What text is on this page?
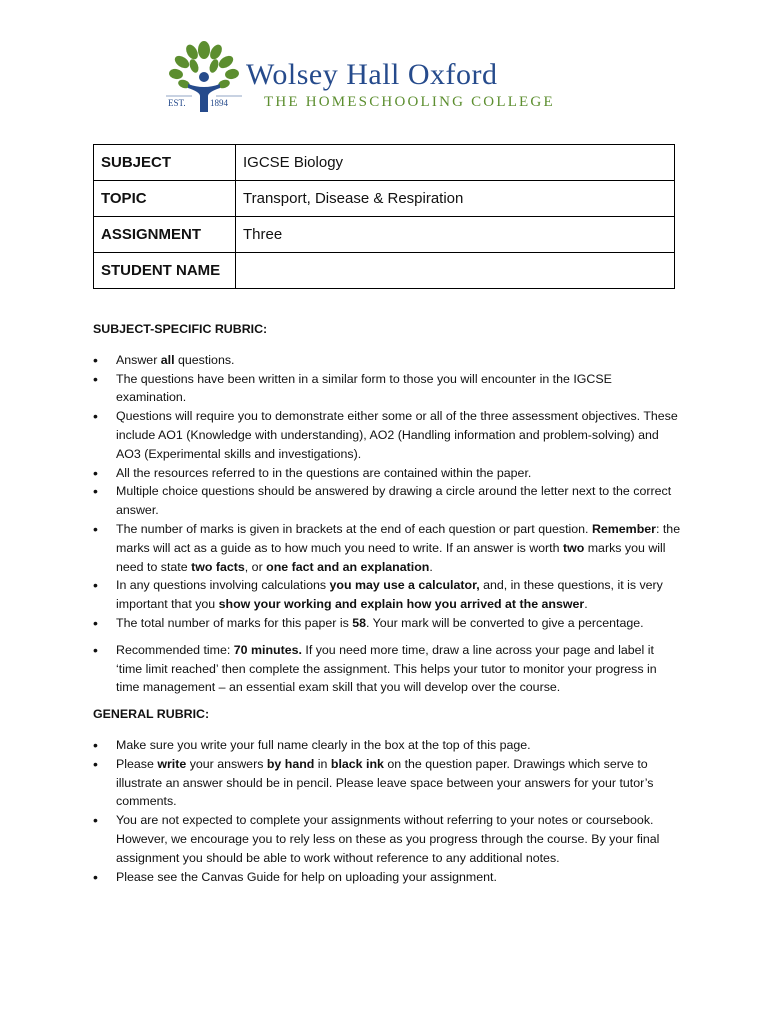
EST.	1894
Wolsey Hall Oxford
THE HOMESCHOOLING COLLEGE
SUBJECT	IGCSE Biology
TOPIC	Transport, Disease & Respiration
ASSIGNMENT	Three
STUDENT NAME	
SUBJECT-SPECIFIC RUBRIC:
• Answer all questions.
• The questions have been written in a similar form to those you will encounter in the IGCSE examination.
• Questions will require you to demonstrate either some or all of the three assessment objectives. These include AO1 (Knowledge with understanding), AO2 (Handling information and problem-solving) and AO3 (Experimental skills and investigations).
• All the resources referred to in the questions are contained within the paper.
• Multiple choice questions should be answered by drawing a circle around the letter next to the correct answer.
• The number of marks is given in brackets at the end of each question or part question. Remember: the marks will act as a guide as to how much you need to write. If an answer is worth two marks you will need to state two facts, or one fact and an explanation.
• In any questions involving calculations you may use a calculator, and, in these questions, it is very important that you show your working and explain how you arrived at the answer.
• The total number of marks for this paper is 58. Your mark will be converted to give a percentage.
• Recommended time: 70 minutes. If you need more time, draw a line across your page and label it ‘time limit reached’ then complete the assignment. This helps your tutor to monitor your progress in time management – an essential exam skill that you will develop over the course.
GENERAL RUBRIC:
• Make sure you write your full name clearly in the box at the top of this page.
• Please write your answers by hand in black ink on the question paper. Drawings which serve to illustrate an answer should be in pencil. Please leave space between your answers for your tutor’s comments.
• You are not expected to complete your assignments without referring to your notes or coursebook. However, we encourage you to rely less on these as you progress through the course. By your final assignment you should be able to work without reference to any additional notes.
• Please see the Canvas Guide for help on uploading your assignment.
